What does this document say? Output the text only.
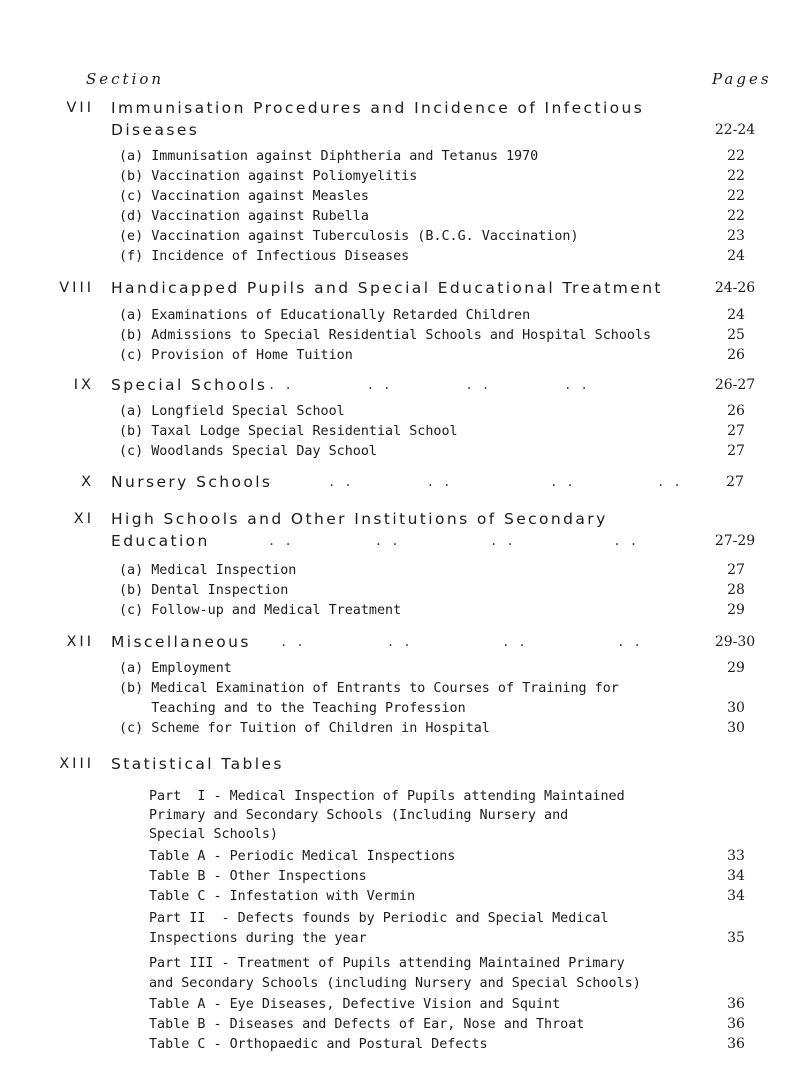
Section	Pages
VII Immunisation Procedures and Incidence of Infectious
Diseases	22-24
(a) Immunisation against Diphtheria and Tetanus 1970	22
(b) Vaccination against Poliomyelitis	22
(c) Vaccination against Measles	22
(d) Vaccination against Rubella	22
(e) Vaccination against Tuberculosis (B.C.G. Vaccination)	23
(f) Incidence of Infectious Diseases	24
VIII Handicapped Pupils and Special Educational Treatment	24-26
(a) Examinations of Educationally Retarded Children	24
(b) Admissions to Special Residential Schools and Hospital Schools	25
(c) Provision of Home Tuition	26
IX Special Schools . .         . .         . .         . .	26-27
(a) Longfield Special School	26
(b) Taxal Lodge Special Residential School	27
(c) Woodlands Special Day School	27
X Nursery Schools	. .         . .            . .          . .	27
XI High Schools and Other Institutions of Secondary
Education	. .          . .           . .            . .	27-29
(a) Medical Inspection	27
(b) Dental Inspection	28
(c) Follow-up and Medical Treatment	29
XII Miscellaneous . .          . .           . .           . .	29-30
(a) Employment	29
(b) Medical Examination of Entrants to Courses of Training for
Teaching and to the Teaching Profession	30
(c) Scheme for Tuition of Children in Hospital	30
XIII Statistical Tables
Part  I - Medical Inspection of Pupils attending Maintained
Primary and Secondary Schools (Including Nursery and
Special Schools)
Table A - Periodic Medical Inspections	33
Table B - Other Inspections	34
Table C - Infestation with Vermin	34
Part II  - Defects founds by Periodic and Special Medical
Inspections during the year	35
Part III - Treatment of Pupils attending Maintained Primary
and Secondary Schools (including Nursery and Special Schools)
Table A - Eye Diseases, Defective Vision and Squint	36
Table B - Diseases and Defects of Ear, Nose and Throat	36
Table C - Orthopaedic and Postural Defects	36
